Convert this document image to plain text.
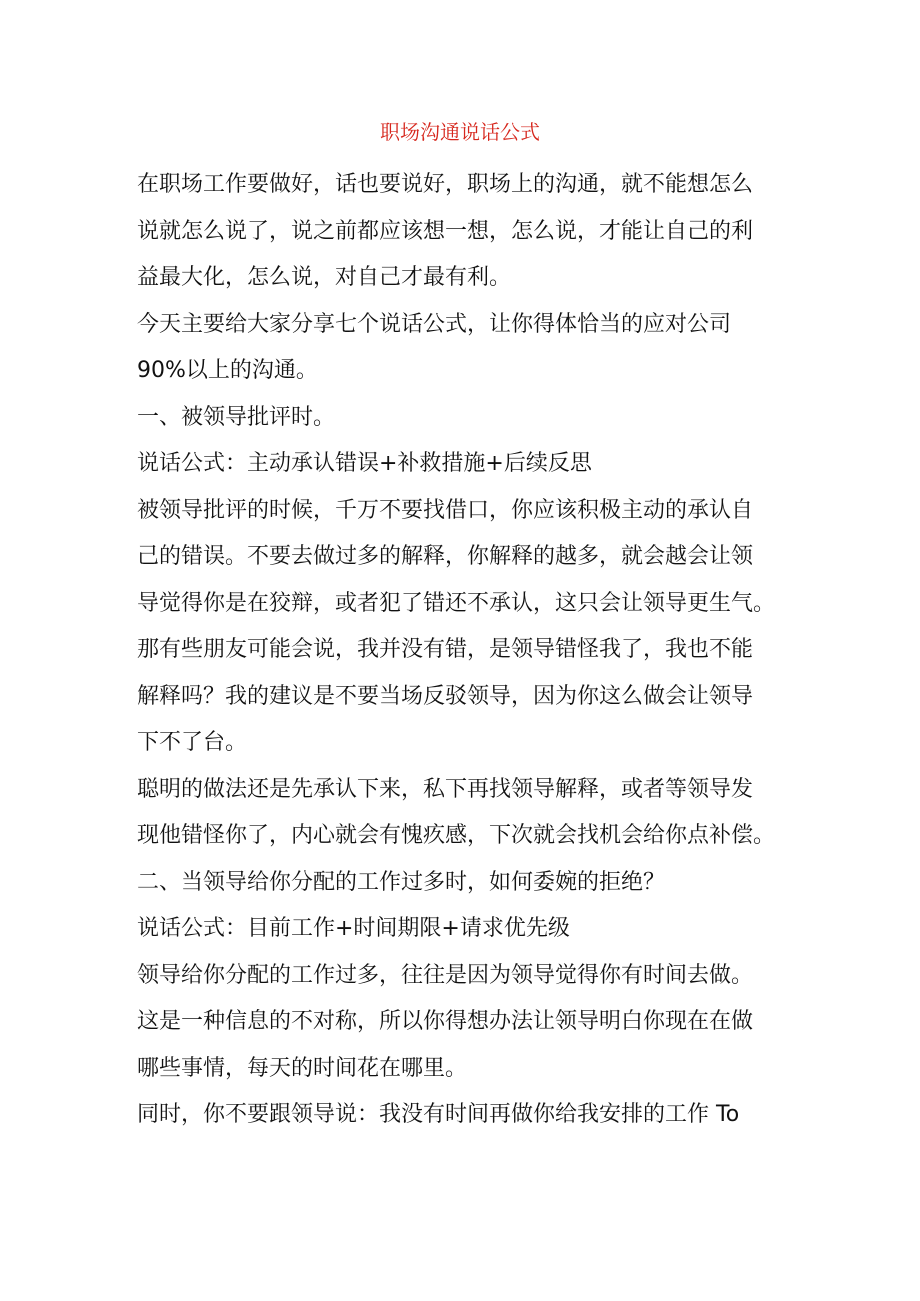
职场沟通说话公式
在职场工作要做好，话也要说好，职场上的沟通，就不能想怎么
说就怎么说了，说之前都应该想一想，怎么说，才能让自己的利
益最大化，怎么说，对自己才最有利。
今天主要给大家分享七个说话公式，让你得体恰当的应对公司
90%以上的沟通。
一、被领导批评时。
说话公式：主动承认错误+补救措施+后续反思
被领导批评的时候，千万不要找借口，你应该积极主动的承认自
己的错误。不要去做过多的解释，你解释的越多，就会越会让领
导觉得你是在狡辩，或者犯了错还不承认，这只会让领导更生气。
那有些朋友可能会说，我并没有错，是领导错怪我了，我也不能
解释吗？我的建议是不要当场反驳领导，因为你这么做会让领导
下不了台。
聪明的做法还是先承认下来，私下再找领导解释，或者等领导发
现他错怪你了，内心就会有愧疚感，下次就会找机会给你点补偿。
二、当领导给你分配的工作过多时，如何委婉的拒绝？
说话公式：目前工作+时间期限+请求优先级
领导给你分配的工作过多，往往是因为领导觉得你有时间去做。
这是一种信息的不对称，所以你得想办法让领导明白你现在在做
哪些事情，每天的时间花在哪里。
同时，你不要跟领导说：我没有时间再做你给我安排的工作 To
